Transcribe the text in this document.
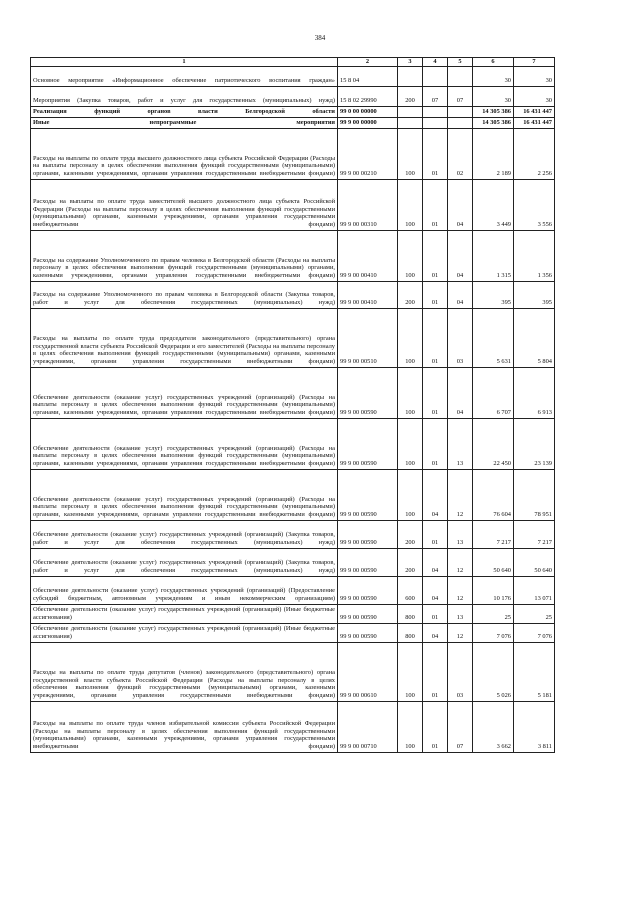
384
1	2	3	4	5	6	7
Основное мероприятие «Информационное обеспечение патриотического воспитания граждан»	15 8 04				30	30
Мероприятия (Закупка товаров, работ и услуг для государственных (муниципальных) нужд)	15 8 02 29990	200	07	07	30	30
Реализация функций органов власти Белгородской области	99 0 00 00000				14 305 386	16 431 447
Иные непрограммные мероприятия	99 9 00 00000				14 305 386	16 431 447
Расходы на выплаты по оплате труда высшего должностного лица субъекта Российской Федерации (Расходы на выплаты персоналу в целях обеспечения выполнения функций государственными (муниципальными) органами, казенными учреждениями, органами управления государственными внебюджетными фондами)	99 9 00 00210	100	01	02	2 189	2 256
Расходы на выплаты по оплате труда заместителей высшего должностного лица субъекта Российской Федерации (Расходы на выплаты персоналу в целях обеспечения выполнения функций государственными (муниципальными) органами, казенными учреждениями, органами управления государственными внебюджетными фондами)	99 9 00 00310	100	01	04	3 449	3 556
Расходы на содержание Уполномоченного по правам человека в Белгородской области (Расходы на выплаты персоналу в целях обеспечения выполнения функций государственными (муниципальными) органами, казенными учреждениями, органами управления государственными внебюджетными фондами)	99 9 00 00410	100	01	04	1 315	1 356
Расходы на содержание Уполномоченного по правам человека в Белгородской области (Закупка товаров, работ и услуг для обеспечения государственных (муниципальных) нужд)	99 9 00 00410	200	01	04	395	395
Расходы на выплаты по оплате труда председателя законодательного (представительного) органа государственной власти субъекта Российской Федерации и его заместителей (Расходы на выплаты персоналу в целях обеспечения выполнения функций государственными (муниципальными) органами, казенными учреждениями, органами управления государственными внебюджетными фондами)	99 9 00 00510	100	01	03	5 631	5 804
Обеспечение деятельности (оказание услуг) государственных учреждений (организаций) (Расходы на выплаты персоналу в целях обеспечения выполнения функций государственными (муниципальными) органами, казенными учреждениями, органами управления государственными внебюджетными фондами)	99 9 00 00590	100	01	04	6 707	6 913
Обеспечение деятельности (оказание услуг) государственных учреждений (организаций) (Расходы на выплаты персоналу в целях обеспечения выполнения функций государственными (муниципальными) органами, казенными учреждениями, органами управления государственными внебюджетными фондами)	99 9 00 00590	100	01	13	22 450	23 139
Обеспечение деятельности (оказание услуг) государственных учреждений (организаций) (Расходы на выплаты персоналу в целях обеспечения выполнения функций государственными (муниципальными) органами, казенными учреждениями, органами управлени государственными внебюджетными фондами)	99 9 00 00590	100	04	12	76 604	78 951
Обеспечение деятельности (оказание услуг) государственных учреждений (организаций) (Закупка товаров, работ и услуг для обеспечения государственных (муниципальных) нужд)	99 9 00 00590	200	01	13	7 217	7 217
Обеспечение деятельности (оказание услуг) государственных учреждений (организаций) (Закупка товаров, работ и услуг для обеспечения государственных (муниципальных) нужд)	99 9 00 00590	200	04	12	50 640	50 640
Обеспечение деятельности (оказание услуг) государственных учреждений (организаций) (Предоставление субсидий бюджетным, автономным учреждениям и иным некоммерческим организациям)	99 9 00 00590	600	04	12	10 176	13 071
Обеспечение деятельности (оказание услуг) государственных учреждений (организаций) (Иные бюджетные ассигнования)	99 9 00 00590	800	01	13	25	25
Обеспечение деятельности (оказание услуг) государственных учреждений (организаций) (Иные бюджетные ассигнования)	99 9 00 00590	800	04	12	7 076	7 076
Расходы на выплаты по оплате труда депутатов (членов) законодательного (представительного) органа государственной власти субъекта Российской Федерации (Расходы на выплаты персоналу в целях обеспечения выполнения функций государственными (муниципальными) органами, казенными учреждениями, органами управления государственными внебюджетными фондами)	99 9 00 00610	100	01	03	5 026	5 181
Расходы на выплаты по оплате труда членов избирательной комиссии субъекта Российской Федерации (Расходы на выплаты персоналу в целях обеспечения выполнения функций государственными (муниципальными) органами, казенными учреждениями, органами управления государственными внебюджетными фондами)	99 9 00 00710	100	01	07	3 662	3 811
